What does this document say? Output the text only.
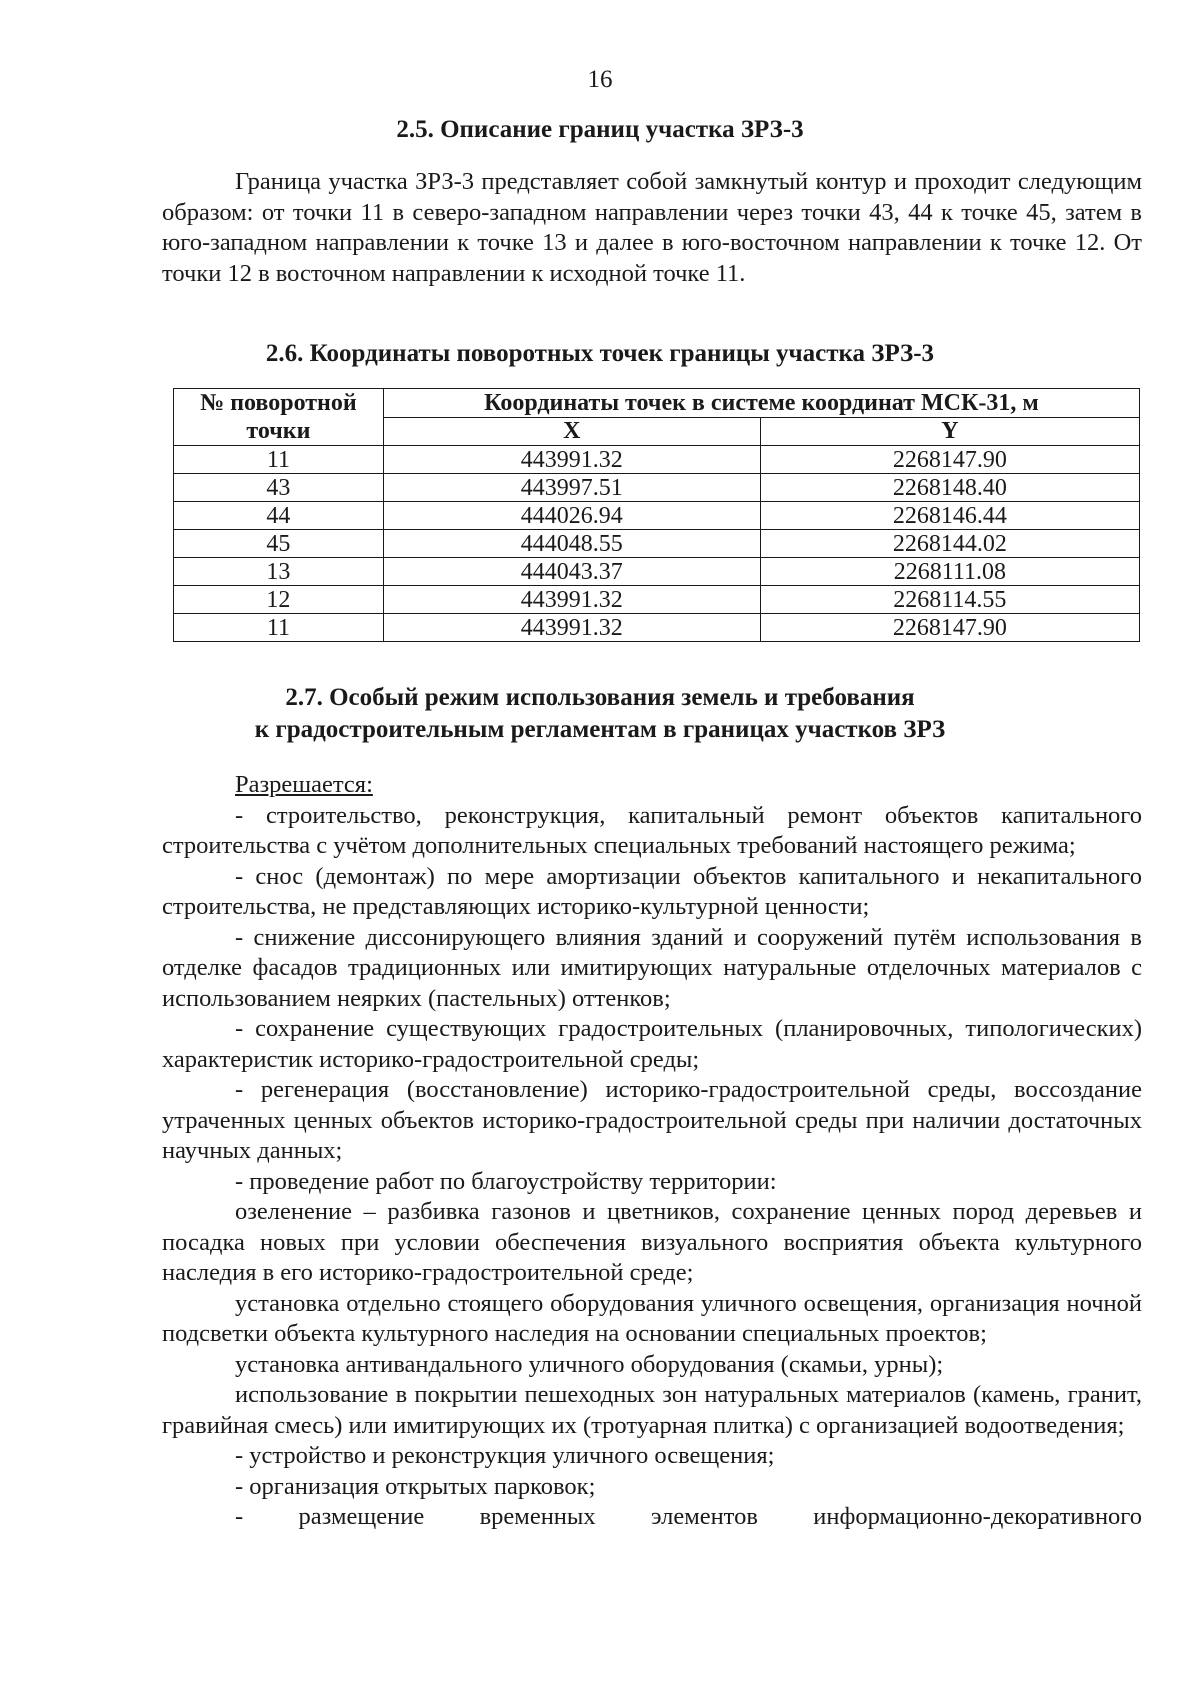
16
2.5. Описание границ участка ЗРЗ-3
Граница участка ЗРЗ-3 представляет собой замкнутый контур и проходит следующим образом: от точки 11 в северо-западном направлении через точки 43, 44 к точке 45, затем в юго-западном направлении к точке 13 и далее в юго-восточном направлении к точке 12. От точки 12 в восточном направлении к исходной точке 11.
2.6. Координаты поворотных точек границы участка ЗРЗ-3
№ поворотной точки	Координаты точек в системе координат МСК-31, м	
	X	Y
11	443991.32	2268147.90
43	443997.51	2268148.40
44	444026.94	2268146.44
45	444048.55	2268144.02
13	444043.37	2268111.08
12	443991.32	2268114.55
11	443991.32	2268147.90
2.7. Особый режим использования земель и требования
к градостроительным регламентам в границах участков ЗРЗ

Разрешается:

- строительство, реконструкция, капитальный ремонт объектов капитального строительства с учётом дополнительных специальных требований настоящего режима;

- снос (демонтаж) по мере амортизации объектов капитального и некапитального строительства, не представляющих историко-культурной ценности;

- снижение диссонирующего влияния зданий и сооружений путём использования в отделке фасадов традиционных или имитирующих натуральные отделочных материалов с использованием неярких (пастельных) оттенков;

- сохранение существующих градостроительных (планировочных, типологических) характеристик историко-градостроительной среды;

- регенерация (восстановление) историко-градостроительной среды, воссоздание утраченных ценных объектов историко-градостроительной среды при наличии достаточных научных данных;

- проведение работ по благоустройству территории:

озеленение – разбивка газонов и цветников, сохранение ценных пород деревьев и посадка новых при условии обеспечения визуального восприятия объекта культурного наследия в его историко-градостроительной среде;

установка отдельно стоящего оборудования уличного освещения, организация ночной подсветки объекта культурного наследия на основании специальных проектов;

установка антивандального уличного оборудования (скамьи, урны);

использование в покрытии пешеходных зон натуральных материалов (камень, гранит, гравийная смесь) или имитирующих их (тротуарная плитка) с организацией водоотведения;

- устройство и реконструкция уличного освещения;

- организация открытых парковок;

- размещение временных элементов информационно-декоративного
